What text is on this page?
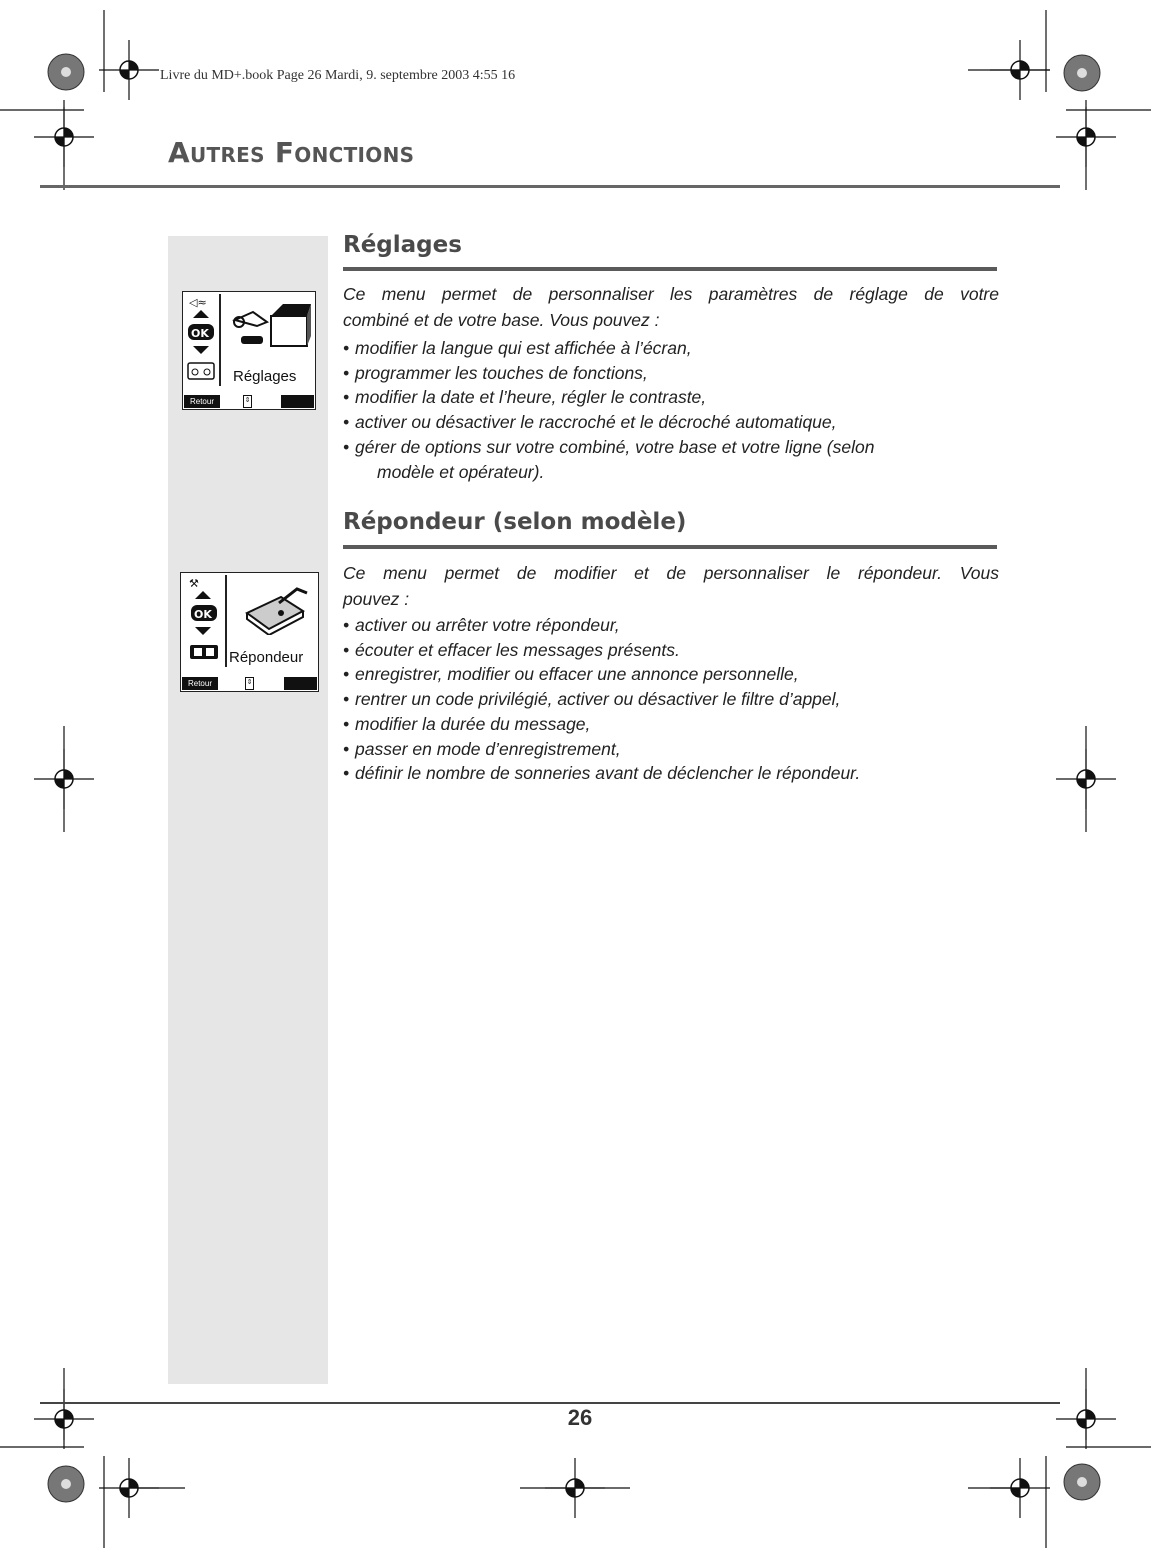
Livre du MD+.book Page 26 Mardi, 9. septembre 2003 4:55 16
Autres Fonctions
◁≈
OK
Réglages
Retour	⇕
⚒
OK
Répondeur
Retour	⇕
Réglages
Ce menu permet de personnaliser les paramètres de réglage de votre
combiné et de votre base. Vous pouvez :
• modifier la langue qui est affichée à l’écran,
• programmer les touches de fonctions,
• modifier la date et l’heure, régler le contraste,
• activer ou désactiver le raccroché et le décroché automatique,
• gérer de options sur votre combiné, votre base et votre ligne (selon
modèle et opérateur).
Répondeur (selon modèle)
Ce menu permet de modifier et de personnaliser le répondeur. Vous
pouvez :
• activer ou arrêter votre répondeur,
• écouter et effacer les messages présents.
• enregistrer, modifier ou effacer une annonce personnelle,
• rentrer un code privilégié, activer ou désactiver le filtre d’appel,
• modifier la durée du message,
• passer en mode d’enregistrement,
• définir le nombre de sonneries avant de déclencher le répondeur.
26
